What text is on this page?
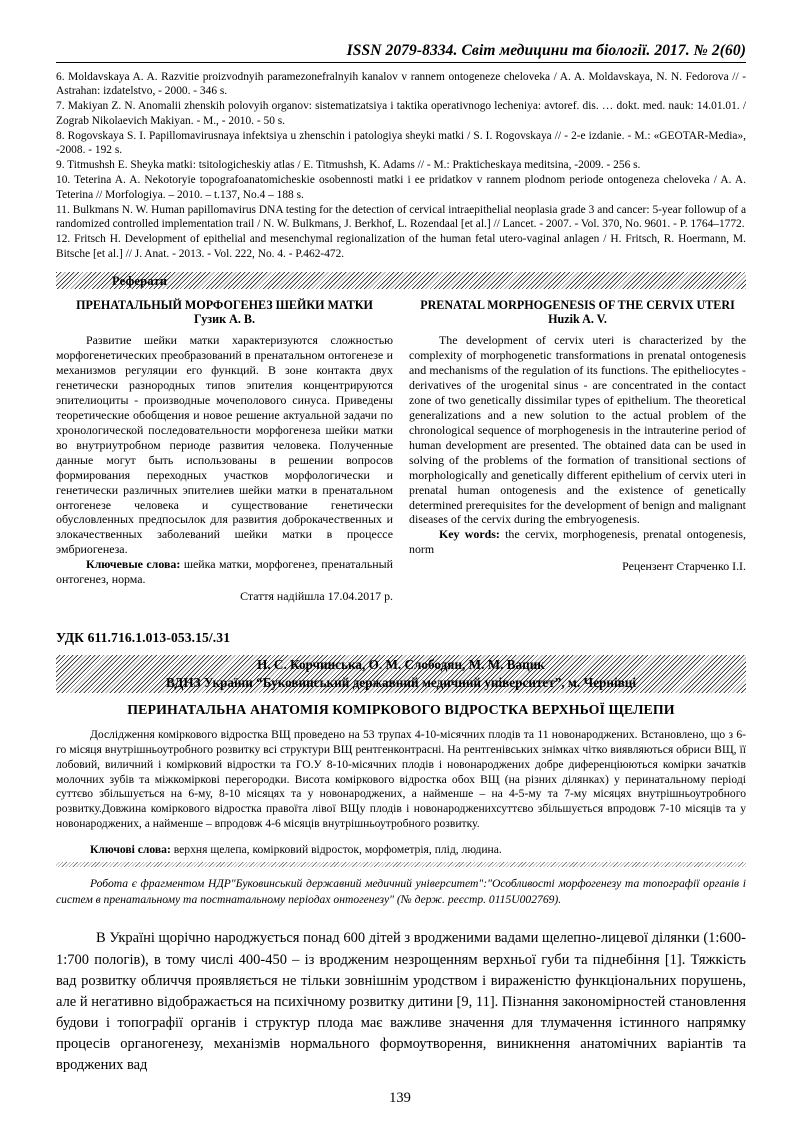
ISSN 2079-8334. Світ медицини та біології. 2017. № 2(60)

6. Moldavskaya A. A. Razvitie proizvodnyih paramezonefralnyih kanalov v rannem ontogeneze cheloveka / A. A. Moldavskaya, N. N. Fedorova // - Astrahan: izdatelstvo, - 2000. - 346 s.

7. Makiyan Z. N. Anomalii zhenskih polovyih organov: sistematizatsiya i taktika operativnogo lecheniya: avtoref. dis. … dokt. med. nauk: 14.01.01. / Zograb Nikolaevich Makiyan. - M., - 2010. - 50 s.

8. Rogovskaya S. I. Papillomavirusnaya infektsiya u zhenschin i patologiya sheyki matki / S. I. Rogovskaya // - 2-e izdanie. - M.: «GEOTAR-Media», -2008. - 192 s.

9. Titmushsh E. Sheyka matki: tsitologicheskiy atlas / E. Titmushsh, K. Adams // - M.: Prakticheskaya meditsina, -2009. - 256 s.

10. Teterina A. A. Nekotoryie topografoanatomicheskie osobennosti matki i ee pridatkov v rannem plodnom periode ontogeneza cheloveka / A. A. Teterina // Morfologiya. – 2010. – t.137, No.4 – 188 s.

11. Bulkmans N. W. Human papillomavirus DNA testing for the detection of cervical intraepithelial neoplasia grade 3 and cancer: 5-year followup of a randomized controlled implementation trail / N. W. Bulkmans, J. Berkhof, L. Rozendaal [et al.] // Lancet. - 2007. - Vol. 370, No. 9601. - P. 1764–1772.

12. Fritsch H. Development of epithelial and mesenchymal regionalization of the human fetal utero-vaginal anlagen / H. Fritsch, R. Hoermann, M. Bitsche [et al.] // J. Anat. - 2013. - Vol. 222, No. 4. - P.462-472.

Реферати

ПРЕНАТАЛЬНЫЙ МОРФОГЕНЕЗ ШЕЙКИ МАТКИ

Гузик А. В.

Развитие шейки матки характеризуются сложностью морфогенетических преобразований в пренатальном онтогенезе и механизмов регуляции его функций. В зоне контакта двух генетически разнородных типов эпителия концентрируются эпителиоциты - производные мочеполового синуса. Приведены теоретические обобщения и новое решение актуальной задачи по хронологической последовательности морфогенеза шейки матки во внутриутробном периоде развития человека. Полученные данные могут быть использованы в решении вопросов формирования переходных участков морфологически и генетически различных эпителиев шейки матки в пренатальном онтогенезе человека и существование генетически обусловленных предпосылок для развития доброкачественных и злокачественных заболеваний шейки матки в процессе эмбриогенеза.

Ключевые слова: шейка матки, морфогенез, пренатальный онтогенез, норма.

Стаття надійшла 17.04.2017 р.

PRENATAL MORPHOGENESIS OF THE CERVIX UTERI

Huzik A. V.

The development of cervix uteri is characterized by the complexity of morphogenetic transformations in prenatal ontogenesis and mechanisms of the regulation of its functions. The epitheliocytes - derivatives of the urogenital sinus - are concentrated in the contact zone of two genetically dissimilar types of epithelium. The theoretical generalizations and a new solution to the actual problem of the chronological sequence of morphogenesis in the intrauterine period of human development are presented. The obtained data can be used in solving of the problems of the formation of transitional sections of morphologically and genetically different epithelium of cervix uteri in prenatal human ontogenesis and the existence of genetically determined prerequisites for the development of benign and malignant diseases of the cervix during the embryogenesis.

Key words: the cervix, morphogenesis, prenatal ontogenesis, norm

Рецензент Старченко І.І.

УДК 611.716.1.013-053.15/.31
Н. С. Корчинська, О. М. Слободян, М. М. Вацик
ВДНЗ України “Буковинський державний медичний університет”, м. Чернівці
ПЕРИНАТАЛЬНА АНАТОМІЯ КОМІРКОВОГО ВІДРОСТКА ВЕРХНЬОЇ ЩЕЛЕПИ

Дослідження коміркового відростка ВЩ проведено на 53 трупах 4-10-місячних плодів та 11 новонароджених. Встановлено, що з 6-го місяця внутрішньоутробного розвитку всі структури ВЩ рентгенконтрасні. На рентгенівських знімках чітко виявляються обриси ВЩ, її лобовий, виличний і комірковий відростки та ГО.У 8-10-місячних плодів і новонароджених добре диференціюються комірки зачатків молочних зубів та міжкоміркові перегородки. Висота коміркового відростка обох ВЩ (на різних ділянках) у перинатальному періоді суттєво збільшується на 6-му, 8-10 місяцях та у новонароджених, а найменше – на 4-5-му та 7-му місяцях внутрішньоутробного розвитку.Довжина коміркового відростка правоїта лівої ВЩу плодів і новонародженихсуттєво збільшується впродовж 7-10 місяців та у новонароджених, а найменше – впродовж 4-6 місяців внутрішньоутробного розвитку.

Ключові слова: верхня щелепа, комірковий відросток, морфометрія, плід, людина.

Робота є фрагментом НДР"Буковинський державний медичний університет":"Особливості морфогенезу та топографії органів і систем в пренатальному та постнатальному періодах онтогенезу" (№ держ. реєстр. 0115U002769).

В Україні щорічно народжується понад 600 дітей з вродженими вадами щелепно-лицевої ділянки (1:600-1:700 пологів), в тому числі 400-450 – із вродженим незрощенням верхньої губи та піднебіння [1]. Тяжкість вад розвитку обличчя проявляється не тільки зовнішнім уродством і вираженістю функціональних порушень, але й негативно відображається на психічному розвитку дитини [9, 11]. Пізнання закономірностей становлення будови і топографії органів і структур плода має важливе значення для тлумачення істинного напрямку процесів органогенезу, механізмів нормального формоутворення, виникнення анатомічних варіантів та вроджених вад

139
